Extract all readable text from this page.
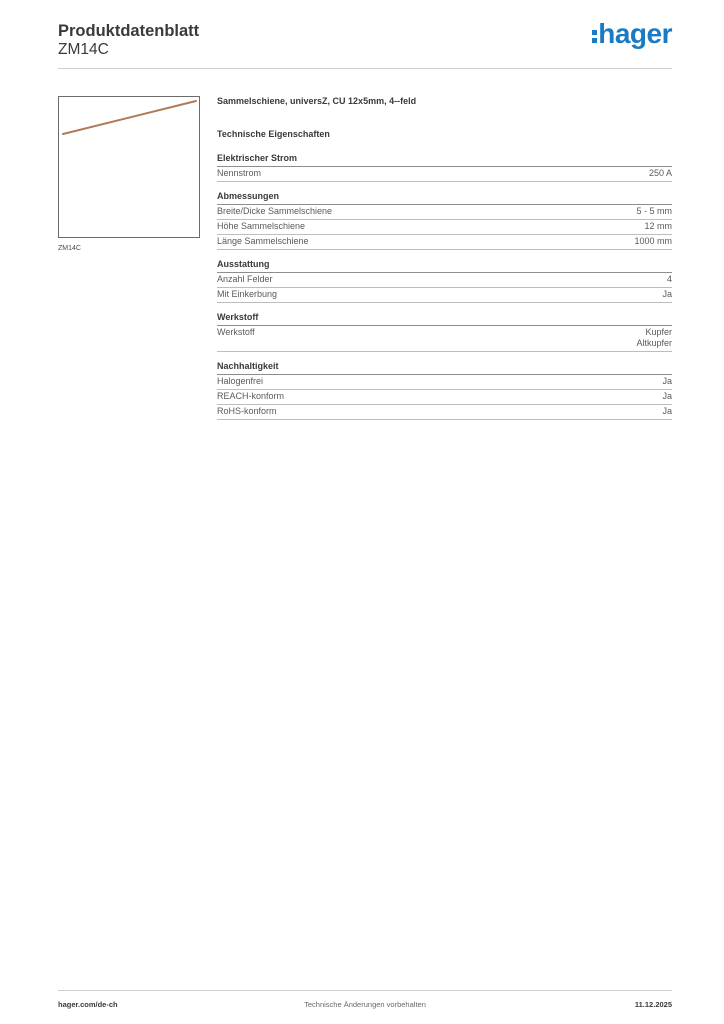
Produktdatenblatt
ZM14C
hager
ZM14C
Sammelschiene, universZ, CU 12x5mm, 4--feld
Technische Eigenschaften
Elektrischer Strom
Nennstrom	250 A
Abmessungen
Breite/Dicke Sammelschiene	5 - 5 mm
Höhe Sammelschiene	12 mm
Länge Sammelschiene	1000 mm
Ausstattung
Anzahl Felder	4
Mit Einkerbung	Ja
Werkstoff
Werkstoff	Kupfer
Altkupfer
Nachhaltigkeit
Halogenfrei	Ja
REACH-konform	Ja
RoHS-konform	Ja
hager.com/de-ch	Technische Änderungen vorbehalten	11.12.2025
